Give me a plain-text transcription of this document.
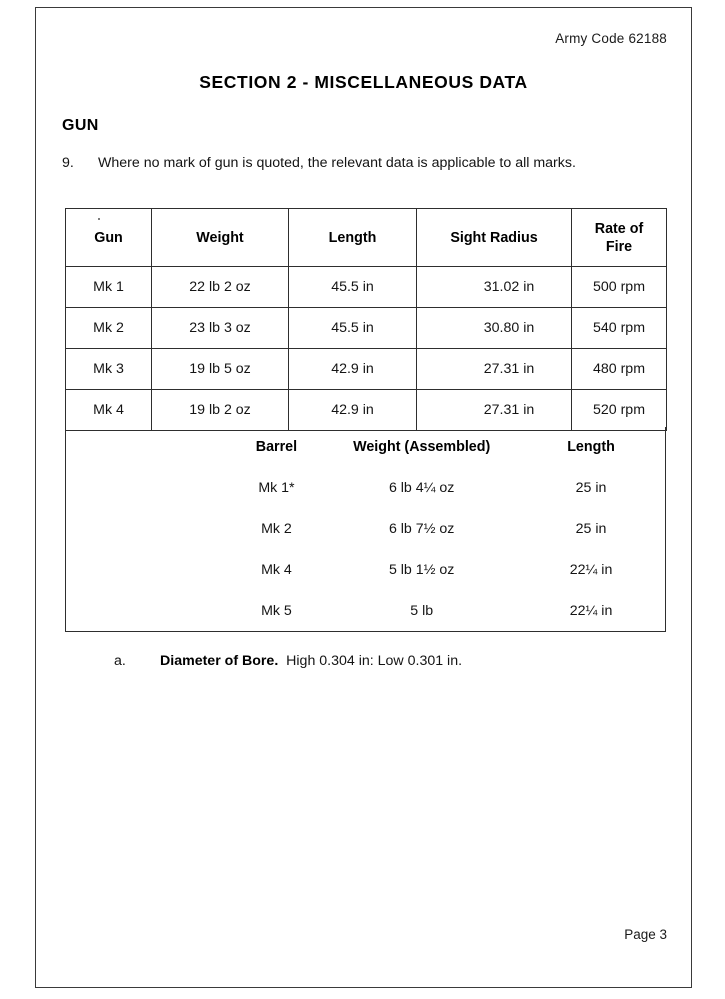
Army Code 62188
SECTION 2 - MISCELLANEOUS DATA
GUN
9. Where no mark of gun is quoted, the relevant data is applicable to all marks.
Gun	Weight	Length	Sight Radius	Rate of
Fire
Mk 1	22 lb 2 oz	45.5 in	31.02 in	500 rpm
Mk 2	23 lb 3 oz	45.5 in	30.80 in	540 rpm
Mk 3	19 lb 5 oz	42.9 in	27.31 in	480 rpm
Mk 4	19 lb 2 oz	42.9 in	27.31 in	520 rpm
	Barrel	Weight (Assembled)	Length
	Mk 1*	6 lb 4¼ oz	25 in
	Mk 2	6 lb 7½ oz	25 in
	Mk 4	5 lb 1½ oz	22¼ in
	Mk 5	5 lb	22¼ in
a. Diameter of Bore. High 0.304 in: Low 0.301 in.
Page 3
